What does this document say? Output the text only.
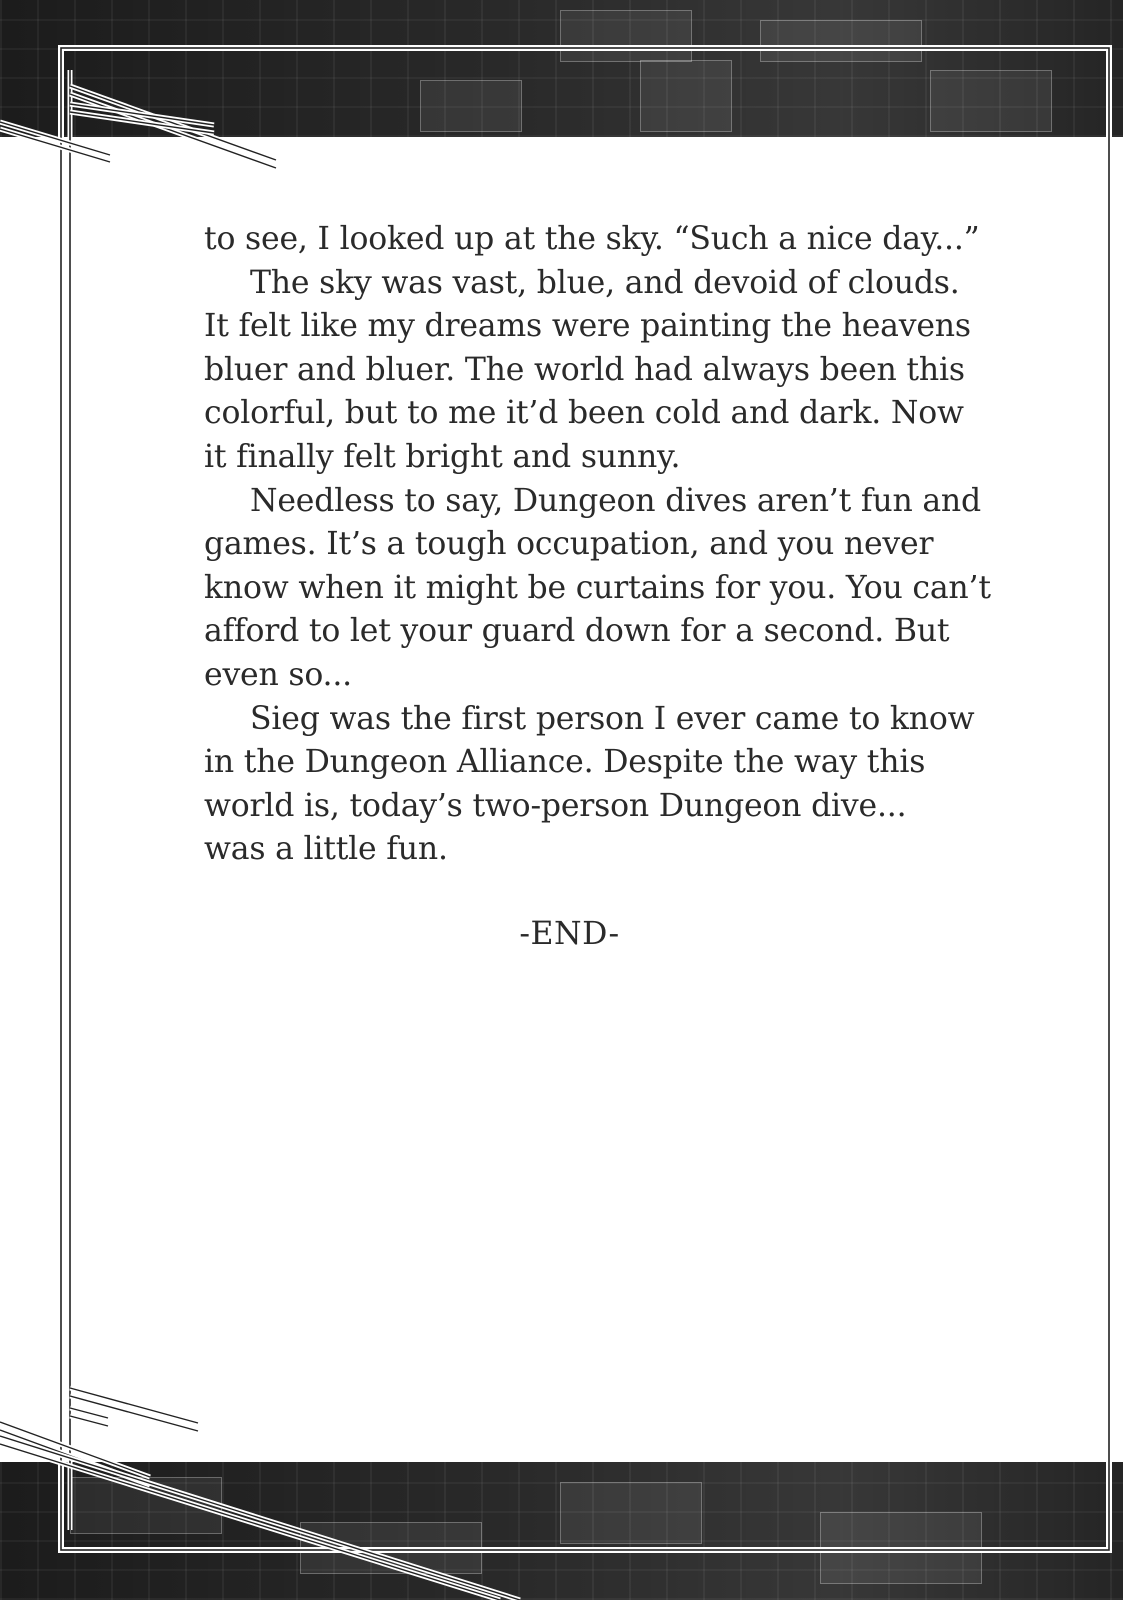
to see, I looked up at the sky. “Such a nice day...”

The sky was vast, blue, and devoid of clouds.

It felt like my dreams were painting the heavens

bluer and bluer. The world had always been this

colorful, but to me it’d been cold and dark. Now

it finally felt bright and sunny.

Needless to say, Dungeon dives aren’t fun and

games. It’s a tough occupation, and you never

know when it might be curtains for you. You can’t

afford to let your guard down for a second. But

even so...

Sieg was the first person I ever came to know

in the Dungeon Alliance. Despite the way this

world is, today’s two-person Dungeon dive...

was a little fun.

-END-
